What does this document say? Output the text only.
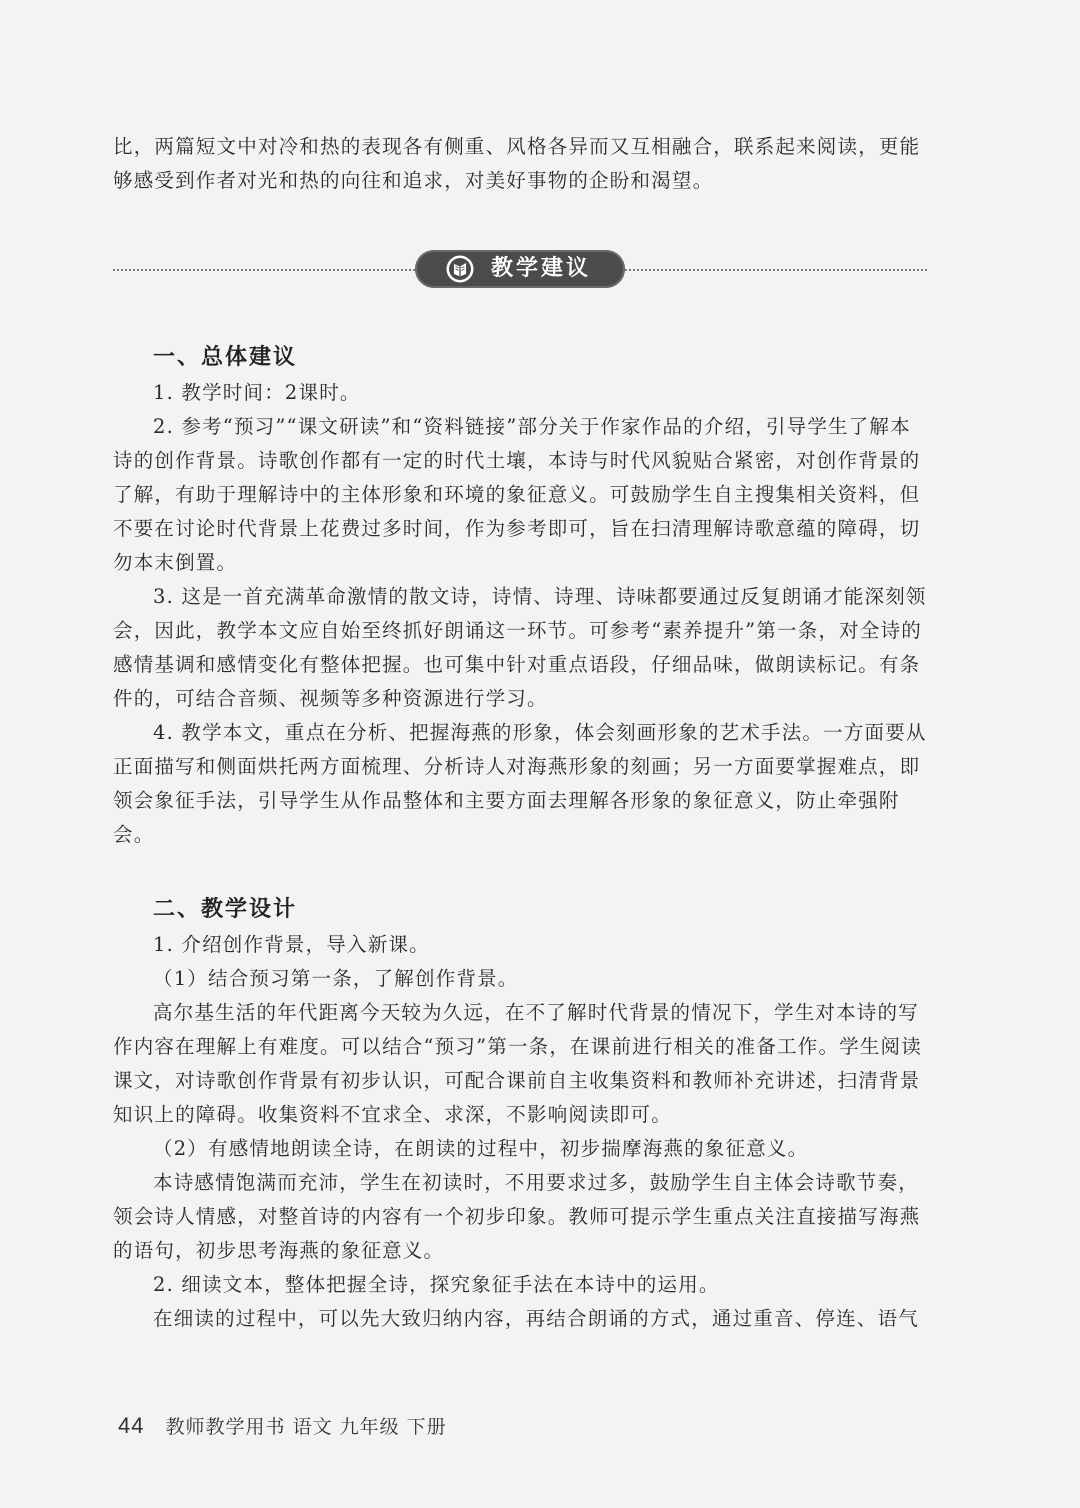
比，两篇短文中对冷和热的表现各有侧重、风格各异而又互相融合，联系起来阅读，更能

够感受到作者对光和热的向往和追求，对美好事物的企盼和渴望。

教学建议
一、总体建议

1. 教学时间：2课时。

2. 参考“预习”“课文研读”和“资料链接”部分关于作家作品的介绍，引导学生了解本诗的创作背景。诗歌创作都有一定的时代土壤，本诗与时代风貌贴合紧密，对创作背景的了解，有助于理解诗中的主体形象和环境的象征意义。可鼓励学生自主搜集相关资料，但不要在讨论时代背景上花费过多时间，作为参考即可，旨在扫清理解诗歌意蕴的障碍，切勿本末倒置。

3. 这是一首充满革命激情的散文诗，诗情、诗理、诗味都要通过反复朗诵才能深刻领会，因此，教学本文应自始至终抓好朗诵这一环节。可参考“素养提升”第一条，对全诗的感情基调和感情变化有整体把握。也可集中针对重点语段，仔细品味，做朗读标记。有条件的，可结合音频、视频等多种资源进行学习。

4. 教学本文，重点在分析、把握海燕的形象，体会刻画形象的艺术手法。一方面要从正面描写和侧面烘托两方面梳理、分析诗人对海燕形象的刻画；另一方面要掌握难点，即领会象征手法，引导学生从作品整体和主要方面去理解各形象的象征意义，防止牵强附会。

二、教学设计

1. 介绍创作背景，导入新课。

（1）结合预习第一条，了解创作背景。

高尔基生活的年代距离今天较为久远，在不了解时代背景的情况下，学生对本诗的写作内容在理解上有难度。可以结合“预习”第一条，在课前进行相关的准备工作。学生阅读课文，对诗歌创作背景有初步认识，可配合课前自主收集资料和教师补充讲述，扫清背景知识上的障碍。收集资料不宜求全、求深，不影响阅读即可。

（2）有感情地朗读全诗，在朗读的过程中，初步揣摩海燕的象征意义。

本诗感情饱满而充沛，学生在初读时，不用要求过多，鼓励学生自主体会诗歌节奏，领会诗人情感，对整首诗的内容有一个初步印象。教师可提示学生重点关注直接描写海燕的语句，初步思考海燕的象征意义。

2. 细读文本，整体把握全诗，探究象征手法在本诗中的运用。

在细读的过程中，可以先大致归纳内容，再结合朗诵的方式，通过重音、停连、语气

44 教师教学用书 语文 九年级 下册
